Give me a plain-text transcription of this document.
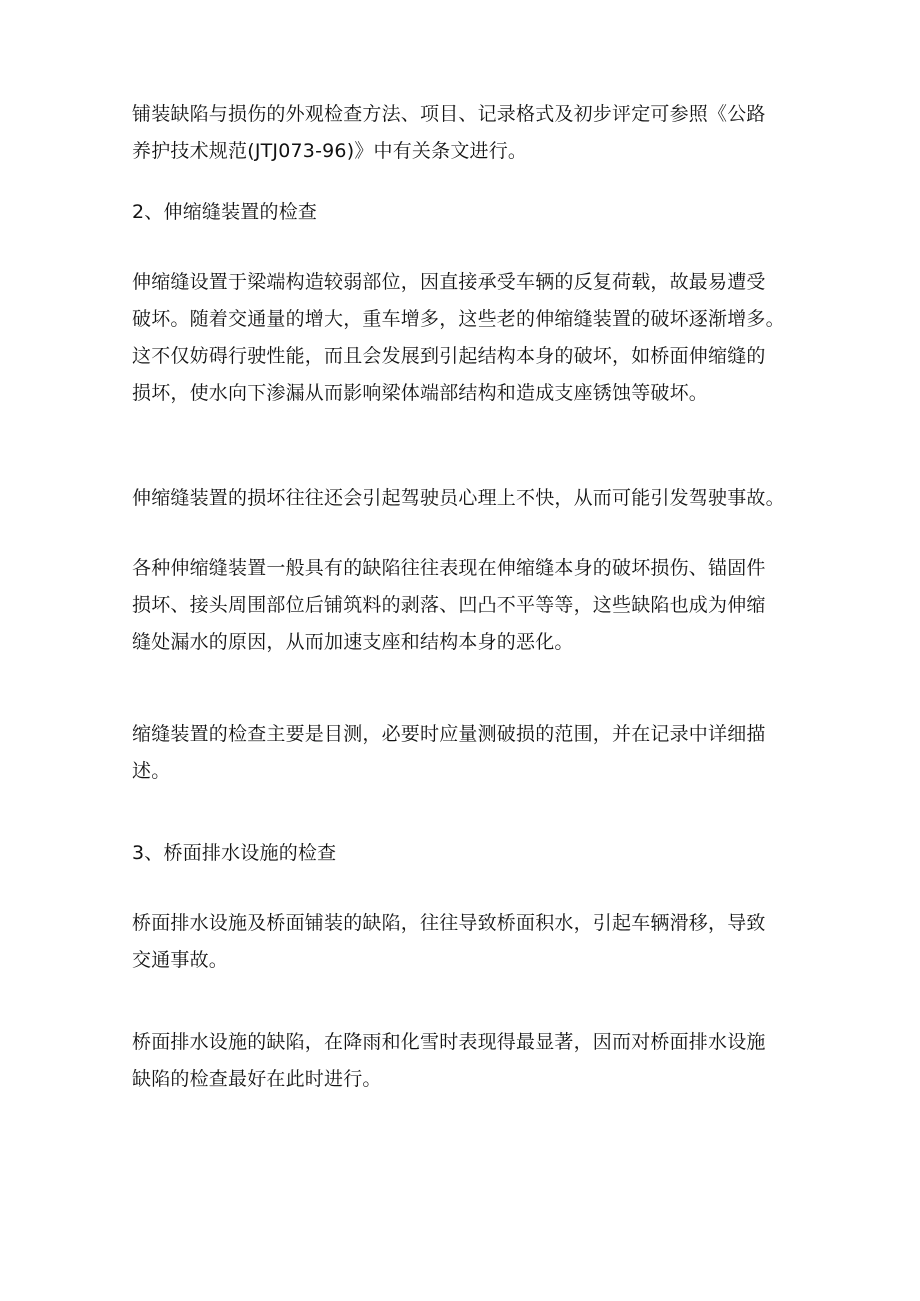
铺装缺陷与损伤的外观检查方法、项目、记录格式及初步评定可参照《公路
养护技术规范(JTJ073-96)》中有关条文进行。

2、伸缩缝装置的检查

伸缩缝设置于梁端构造较弱部位，因直接承受车辆的反复荷载，故最易遭受
破坏。随着交通量的增大，重车增多，这些老的伸缩缝装置的破坏逐渐增多。
这不仅妨碍行驶性能，而且会发展到引起结构本身的破坏，如桥面伸缩缝的
损坏，使水向下渗漏从而影响梁体端部结构和造成支座锈蚀等破坏。

伸缩缝装置的损坏往往还会引起驾驶员心理上不快，从而可能引发驾驶事故。

各种伸缩缝装置一般具有的缺陷往往表现在伸缩缝本身的破坏损伤、锚固件
损坏、接头周围部位后铺筑料的剥落、凹凸不平等等，这些缺陷也成为伸缩
缝处漏水的原因，从而加速支座和结构本身的恶化。

缩缝装置的检查主要是目测，必要时应量测破损的范围，并在记录中详细描
述。

3、桥面排水设施的检查

桥面排水设施及桥面铺装的缺陷，往往导致桥面积水，引起车辆滑移，导致
交通事故。

桥面排水设施的缺陷，在降雨和化雪时表现得最显著，因而对桥面排水设施
缺陷的检查最好在此时进行。
